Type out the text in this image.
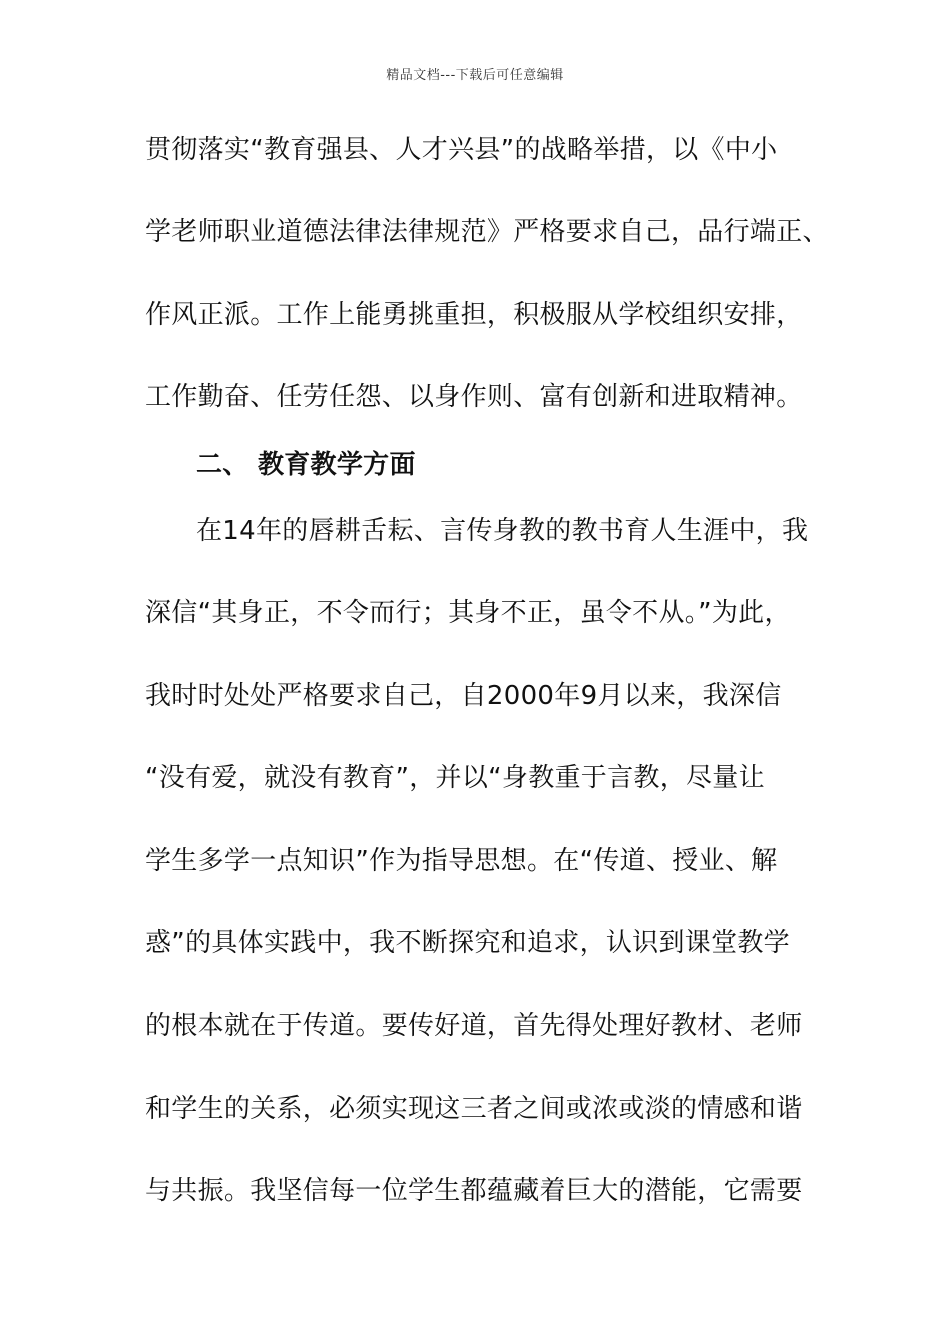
精品文档---下载后可任意编辑
贯彻落实“教育强县、人才兴县”的战略举措，以《中小
学老师职业道德法律法律规范》严格要求自己，品行端正、
作风正派。工作上能勇挑重担，积极服从学校组织安排，
工作勤奋、任劳任怨、以身作则、富有创新和进取精神。
二、 教育教学方面
在14年的唇耕舌耘、言传身教的教书育人生涯中，我
深信“其身正，不令而行；其身不正，虽令不从。”为此，
我时时处处严格要求自己，自2000年9月以来，我深信
“没有爱，就没有教育”，并以“身教重于言教，尽量让
学生多学一点知识”作为指导思想。在“传道、授业、解
惑”的具体实践中，我不断探究和追求，认识到课堂教学
的根本就在于传道。要传好道，首先得处理好教材、老师
和学生的关系，必须实现这三者之间或浓或淡的情感和谐
与共振。我坚信每一位学生都蕴藏着巨大的潜能，它需要
